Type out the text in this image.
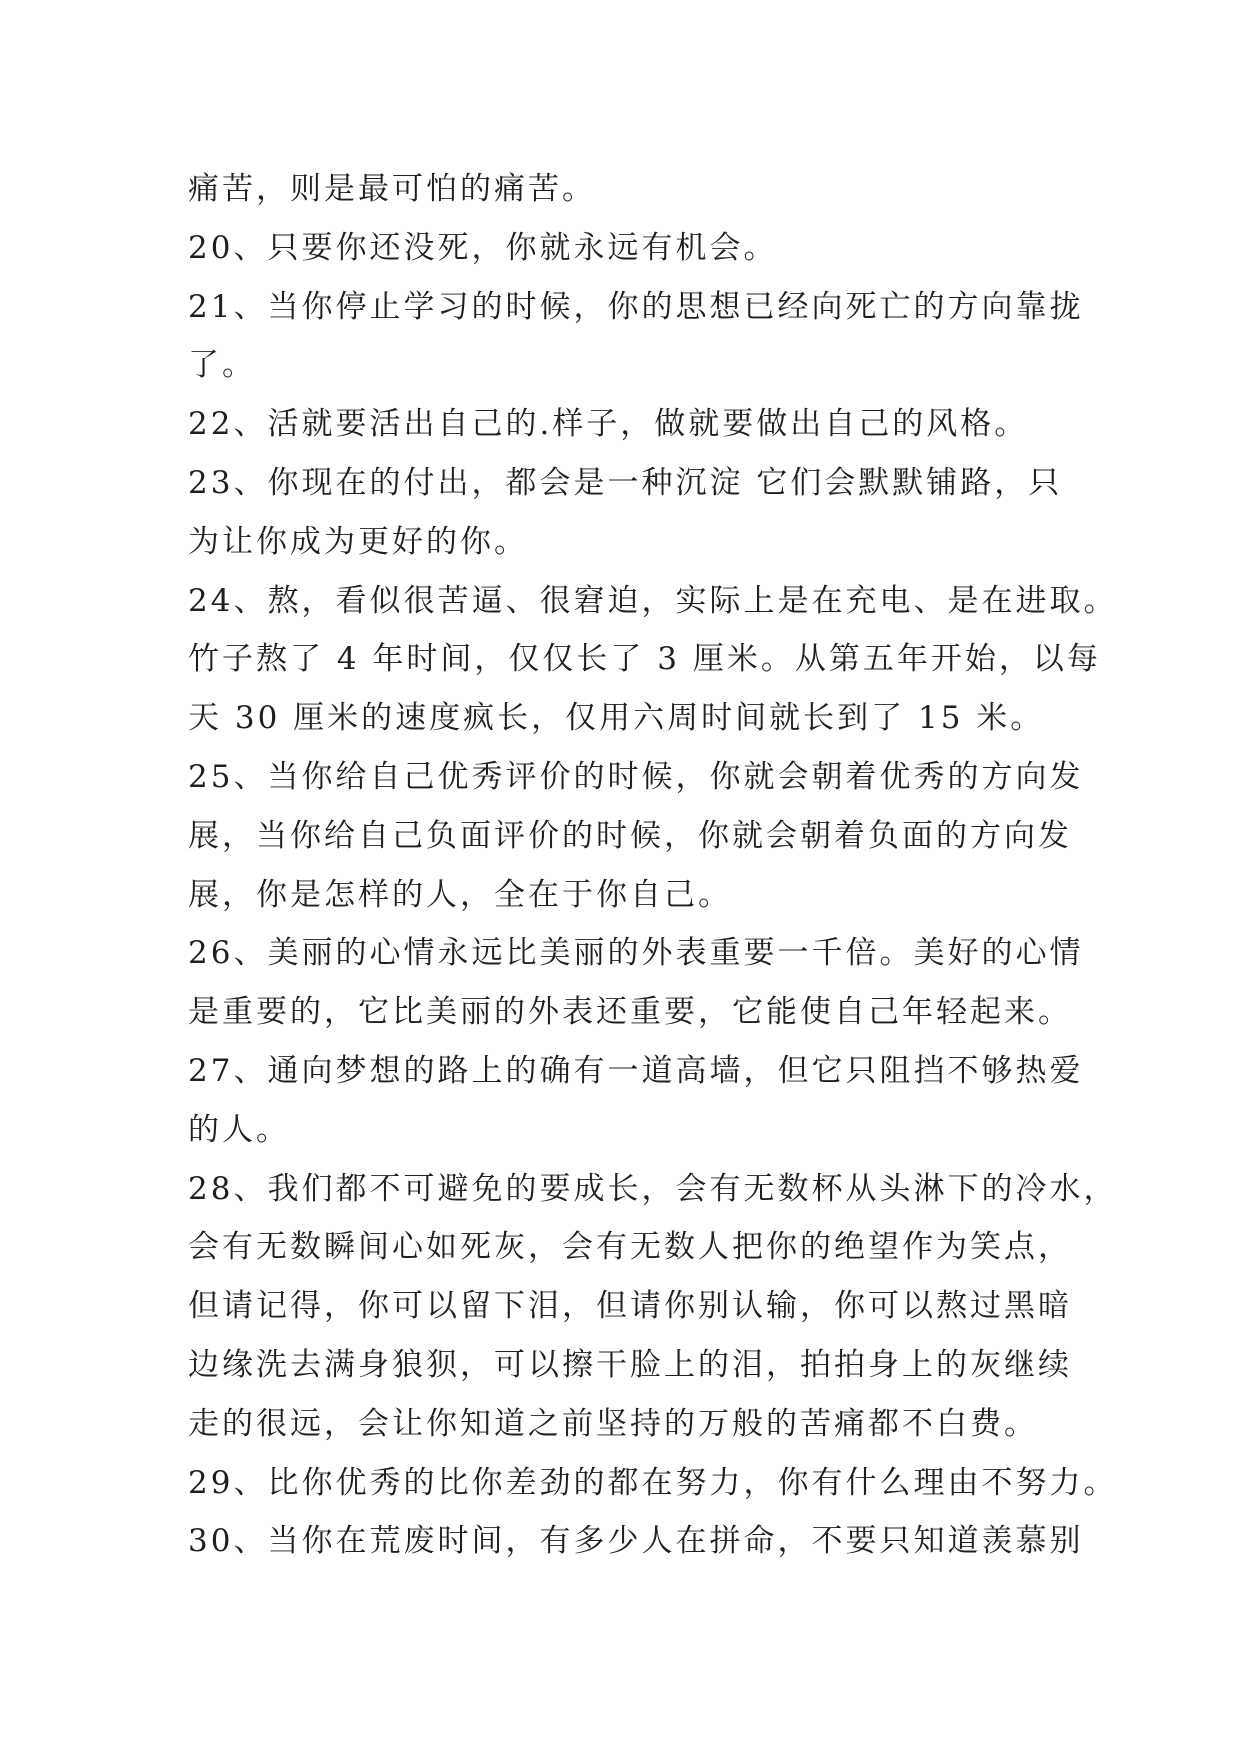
痛苦，则是最可怕的痛苦。
20、只要你还没死，你就永远有机会。
21、当你停止学习的时候，你的思想已经向死亡的方向靠拢
了。
22、活就要活出自己的.样子，做就要做出自己的风格。
23、你现在的付出，都会是一种沉淀 它们会默默铺路，只
为让你成为更好的你。
24、熬，看似很苦逼、很窘迫，实际上是在充电、是在进取。
竹子熬了 4 年时间，仅仅长了 3 厘米。从第五年开始，以每
天 30 厘米的速度疯长，仅用六周时间就长到了 15 米。
25、当你给自己优秀评价的时候，你就会朝着优秀的方向发
展，当你给自己负面评价的时候，你就会朝着负面的方向发
展，你是怎样的人，全在于你自己。
26、美丽的心情永远比美丽的外表重要一千倍。美好的心情
是重要的，它比美丽的外表还重要，它能使自己年轻起来。
27、通向梦想的路上的确有一道高墙，但它只阻挡不够热爱
的人。
28、我们都不可避免的要成长，会有无数杯从头淋下的冷水，
会有无数瞬间心如死灰，会有无数人把你的绝望作为笑点，
但请记得，你可以留下泪，但请你别认输，你可以熬过黑暗
边缘洗去满身狼狈，可以擦干脸上的泪，拍拍身上的灰继续
走的很远，会让你知道之前坚持的万般的苦痛都不白费。
29、比你优秀的比你差劲的都在努力，你有什么理由不努力。
30、当你在荒废时间，有多少人在拼命，不要只知道羡慕别
